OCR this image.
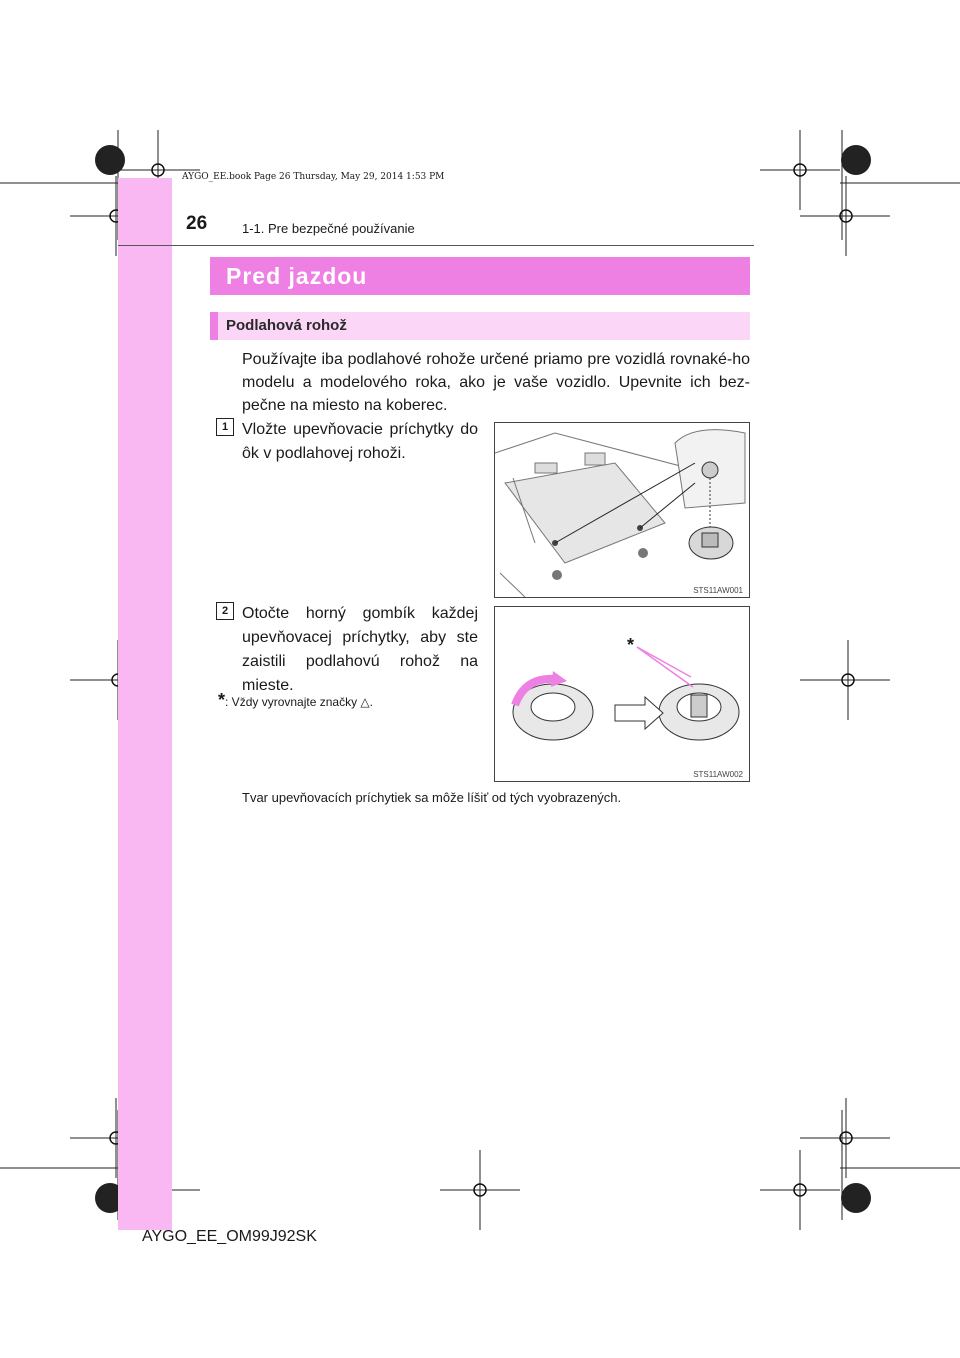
AYGO_EE.book Page 26 Thursday, May 29, 2014 1:53 PM
26	1-1. Pre bezpečné používanie
Pred jazdou
Podlahová rohož
Používajte iba podlahové rohože určené priamo pre vozidlá rovnaké-ho modelu a modelového roka, ako je vaše vozidlo. Upevnite ich bez-pečne na miesto na koberec.
1 Vložte upevňovacie príchytky do ôk v podlahovej rohoži.
STS11AW001
2 Otočte horný gombík každej upevňovacej príchytky, aby ste zaistili podlahovú rohož na mieste.
*: Vždy vyrovnajte značky △.
*
STS11AW002
Tvar upevňovacích príchytiek sa môže líšiť od tých vyobrazených.
AYGO_EE_OM99J92SK
